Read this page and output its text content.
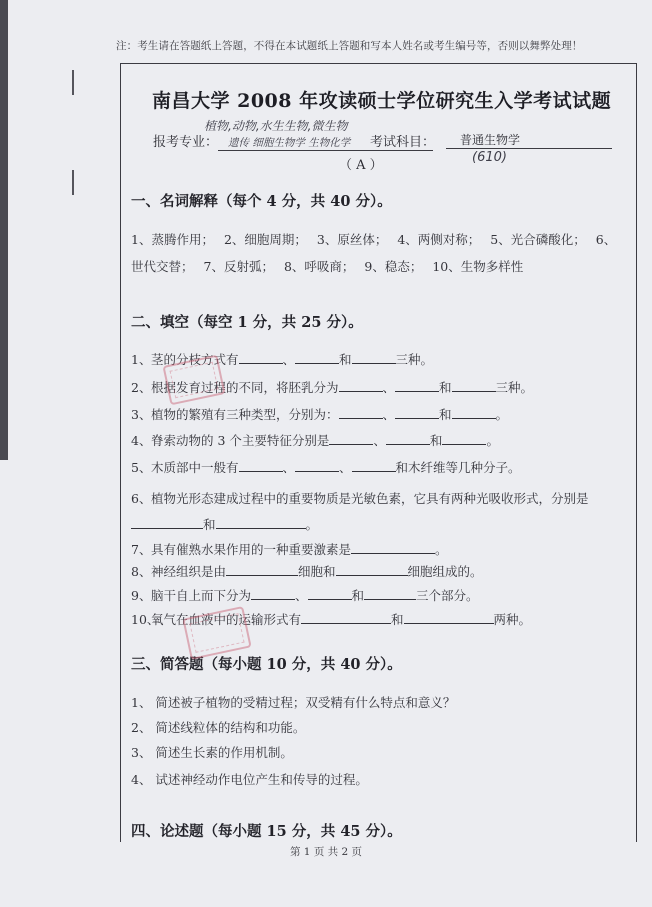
注：考生请在答题纸上答题，不得在本试题纸上答题和写本人姓名或考生编号等，否则以舞弊处理！
南昌大学 2008 年攻读硕士学位研究生入学考试试题
植物,动物,水生生物,微生物
报考专业： 遗传 细胞生物学 生物化学	考试科目：	普通生物学
(610)
（ A ）
一、名词解释（每个 4 分，共 40 分）。
1、蒸腾作用； 2、细胞周期； 3、原丝体； 4、两侧对称； 5、光合磷酸化； 6、世代交替； 7、反射弧； 8、呼吸商； 9、稳态； 10、生物多样性
二、填空（每空 1 分，共 25 分）。
1、茎的分枝方式有	、	和	三种。
2、根据发育过程的不同，将胚乳分为	、	和	三种。
3、植物的繁殖有三种类型，分别为：	、	和	。
4、脊索动物的 3 个主要特征分别是	、	和	。
5、木质部中一般有	、	、	和木纤维等几种分子。
6、植物光形态建成过程中的重要物质是光敏色素，它具有两种光吸收形式，分别是
和	。
7、具有催熟水果作用的一种重要激素是	。
8、神经组织是由	细胞和	细胞组成的。
9、脑干自上而下分为	、	和	三个部分。
10、氧气在血液中的运输形式有	和	两种。
三、简答题（每小题 10 分，共 40 分）。
1、 简述被子植物的受精过程；双受精有什么特点和意义？
2、 简述线粒体的结构和功能。
3、 简述生长素的作用机制。
4、 试述神经动作电位产生和传导的过程。
四、论述题（每小题 15 分，共 45 分）。
第 1 页 共 2 页
